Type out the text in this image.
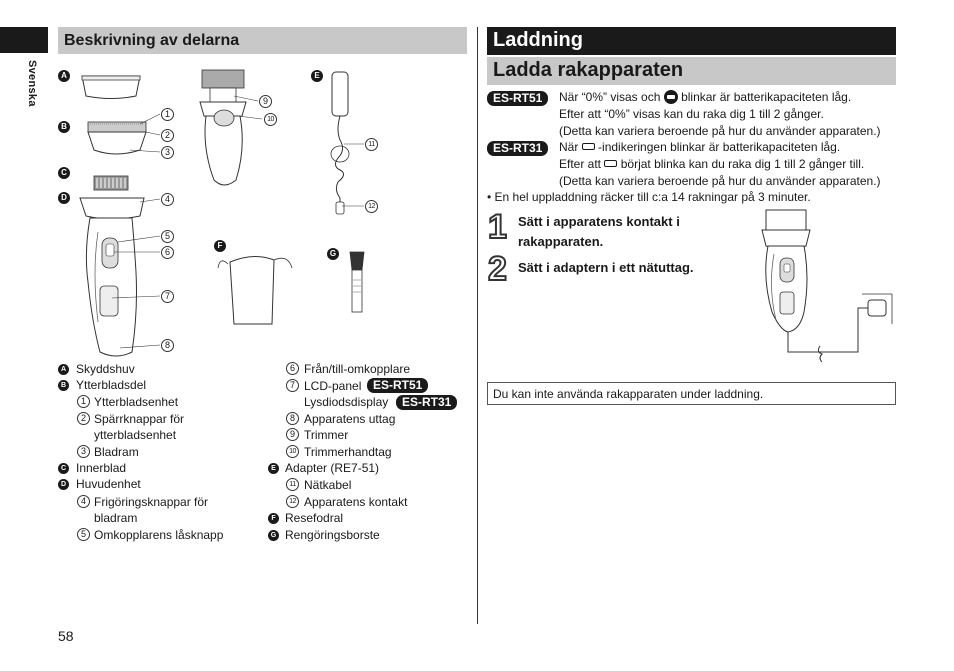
Svenska
58
Beskrivning av delarna
A
B
C
D
E
F
G
1
2
3
4
5
6
7
8
9
10
11
12
A Skyddshuv
B Ytterbladsdel
1 Ytterbladsenhet
2 Spärrknappar för
ytterbladsenhet
3 Bladram
C Innerblad
D Huvudenhet
4 Frigöringsknappar för
bladram
5 Omkopplarens låsknapp
6 Från/till-omkopplare
7 LCD-panel ES-RT51
Lysdiodsdisplay	ES-RT31
8 Apparatens uttag
9 Trimmer
10 Trimmerhandtag
E Adapter (RE7-51)
11 Nätkabel
12 Apparatens kontakt
F Resefodral
G Rengöringsborste
Laddning
Ladda rakapparaten
ES-RT51	När “0%” visas och blinkar är batterikapaciteten låg.
Efter att “0%” visas kan du raka dig 1 till 2 gånger.
(Detta kan variera beroende på hur du använder apparaten.)
ES-RT31	När -indikeringen blinkar är batterikapaciteten låg.
Efter att börjat blinka kan du raka dig 1 till 2 gånger till.
(Detta kan variera beroende på hur du använder apparaten.)
• En hel uppladdning räcker till c:a 14 rakningar på 3 minuter.
1 Sätt i apparatens kontakt i
rakapparaten.
2 Sätt i adaptern i ett nätuttag.
Du kan inte använda rakapparaten under laddning.
